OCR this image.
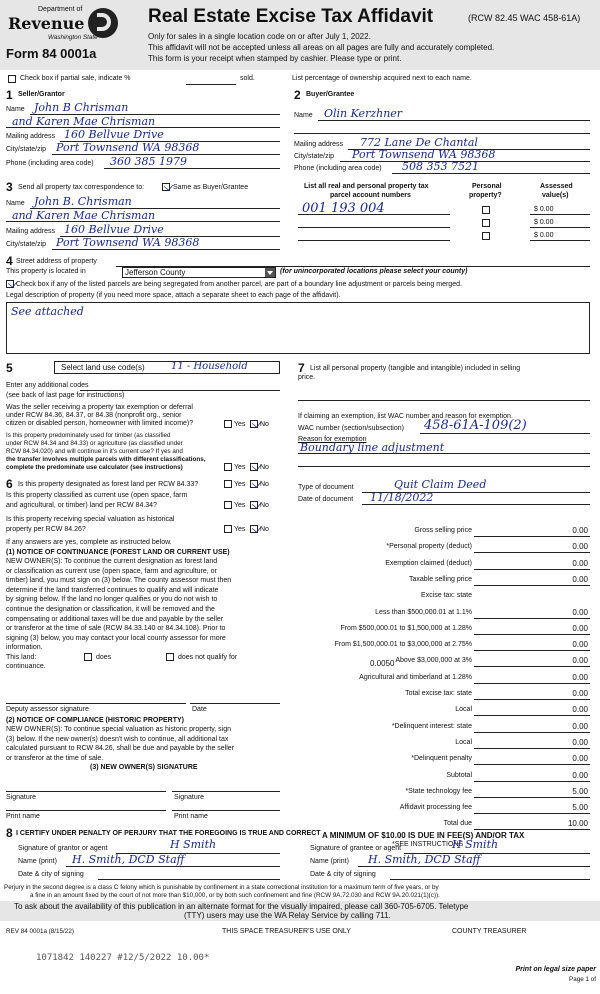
Department of
Revenue
Washington State
Form 84 0001a
Real Estate Excise Tax Affidavit	(RCW 82.45 WAC 458-61A)
Only for sales in a single location code on or after July 1, 2022.
This affidavit will not be accepted unless all areas on all pages are fully and accurately completed.
This form is your receipt when stamped by cashier. Please type or print.
Check box if partial sale, indicate %	sold.	List percentage of ownership acquired next to each name.
1 Seller/Grantor
Name John B Chrisman
and Karen Mae Chrisman
Mailing address 160 Bellvue Drive
City/state/zip Port Townsend WA 98368
Phone (including area code) 360 385 1979
2 Buyer/Grantee
Name Olin Kerzhner
Mailing address 772 Lane De Chantal
City/state/zip Port Townsend WA 98368
Phone (including area code) 508 353 7521
3 Send all property tax correspondence to:	Same as Buyer/Grantee
Name John B. Chrisman
and Karen Mae Chrisman
Mailing address 160 Bellvue Drive
City/state/zip Port Townsend WA 98368
List all real and personal property tax
parcel account numbers
Personal
property?
Assessed
value(s)
001 193 004	$ 0.00
$ 0.00
$ 0.00
4 Street address of property
This property is located in	Jefferson County	(for unincorporated locations please select your county)
Check box if any of the listed parcels are being segregated from another parcel, are part of a boundary line adjustment or parcels being merged.
Legal description of property (if you need more space, attach a separate sheet to each page of the affidavit).
See attached
5	Select land use code(s)	11 - Household
Enter any additional codes
(see back of last page for instructions)
Was the seller receiving a property tax exemption or deferral
under RCW 84.36, 84.37, or 84.38 (nonprofit org., senior
citizen or disabled person, homeowner with limited income)?	Yes No
Is this property predominately used for timber (as classified
under RCW 84.34 and 84.33) or agriculture (as classified under
RCW 84.34.020) and will continue in it's current use? If yes and
the transfer involves multiple parcels with different classifications,
complete the predominate use calculator (see instructions)	Yes No
6 Is this property designated as forest land per RCW 84.33?	Yes No
Is this property classified as current use (open space, farm
and agricultural, or timber) land per RCW 84.34?	Yes No
Is this property receiving special valuation as historical
property per RCW 84.26?	Yes No
If any answers are yes, complete as instructed below.
(1) NOTICE OF CONTINUANCE (FOREST LAND OR CURRENT USE)
NEW OWNER(S): To continue the current designation as forest land
or classification as current use (open space, farm and agriculture, or
timber) land, you must sign on (3) below. The county assessor must then
determine if the land transferred continues to qualify and will indicate
by signing below. If the land no longer qualifies or you do not wish to
continue the designation or classification, it will be removed and the
compensating or additional taxes will be due and payable by the seller
or transferor at the time of sale (RCW 84.33.140 or 84.34.108). Prior to
signing (3) below, you may contact your local county assessor for more
information.
This land:	does	does not qualify for
continuance.
Deputy assessor signature	Date
(2) NOTICE OF COMPLIANCE (HISTORIC PROPERTY)
NEW OWNER(S): To continue special valuation as historic property, sign
(3) below. If the new owner(s) doesn't wish to continue, all additional tax
calculated pursuant to RCW 84.26, shall be due and payable by the seller
or transferor at the time of sale.
(3) NEW OWNER(S) SIGNATURE
Signature	Signature
Print name	Print name
7 List all personal property (tangible and intangible) included in selling
price.
If claiming an exemption, list WAC number and reason for exemption.
WAC number (section/subsection) 458-61A-109(2)
Reason for exemption
Boundary line adjustment
Type of document	Quit Claim Deed
Date of document 11/18/2022
Gross selling price	0.00
*Personal property (deduct)	0.00
Exemption claimed (deduct)	0.00
Taxable selling price	0.00
Excise tax: state
Less than $500,000.01 at 1.1%	0.00
From $500,000.01 to $1,500,000 at 1.28%	0.00
From $1,500,000.01 to $3,000,000 at 2.75%	0.00
Above $3,000,000 at 3%	0.00
Agricultural and timberland at 1.28%	0.00
Total excise tax: state	0.00
Local	0.00
*Delinquent interest: state	0.00
Local	0.00
*Delinquent penalty	0.00
Subtotal	0.00
*State technology fee	5.00
Affidavit processing fee	5.00
Total due	10.00
0.0050
A MINIMUM OF $10.00 IS DUE IN FEE(S) AND/OR TAX
*SEE INSTRUCTIONS
8 I CERTIFY UNDER PENALTY OF PERJURY THAT THE FOREGOING IS TRUE AND CORRECT
Signature of grantor or agent	H Smith
Name (print) H. Smith, DCD Staff
Date & city of signing
Signature of grantee or agent	H Smith
Name (print) H. Smith, DCD Staff
Date & city of signing
Perjury in the second degree is a class C felony which is punishable by confinement in a state correctional institution for a maximum term of five years, or by
a fine in an amount fixed by the court of not more than $10,000, or by both such confinement and fine (RCW 9A.72.030 and RCW 9A.20.021(1)(c)).
To ask about the availability of this publication in an alternate format for the visually impaired, please call 360-705-6705. Teletype
(TTY) users may use the WA Relay Service by calling 711.
REV 84 0001a (8/15/22)	THIS SPACE TREASURER'S USE ONLY	COUNTY TREASURER
1071842 140227 #12/5/2022 10.00*
Print on legal size paper
Page 1 of
